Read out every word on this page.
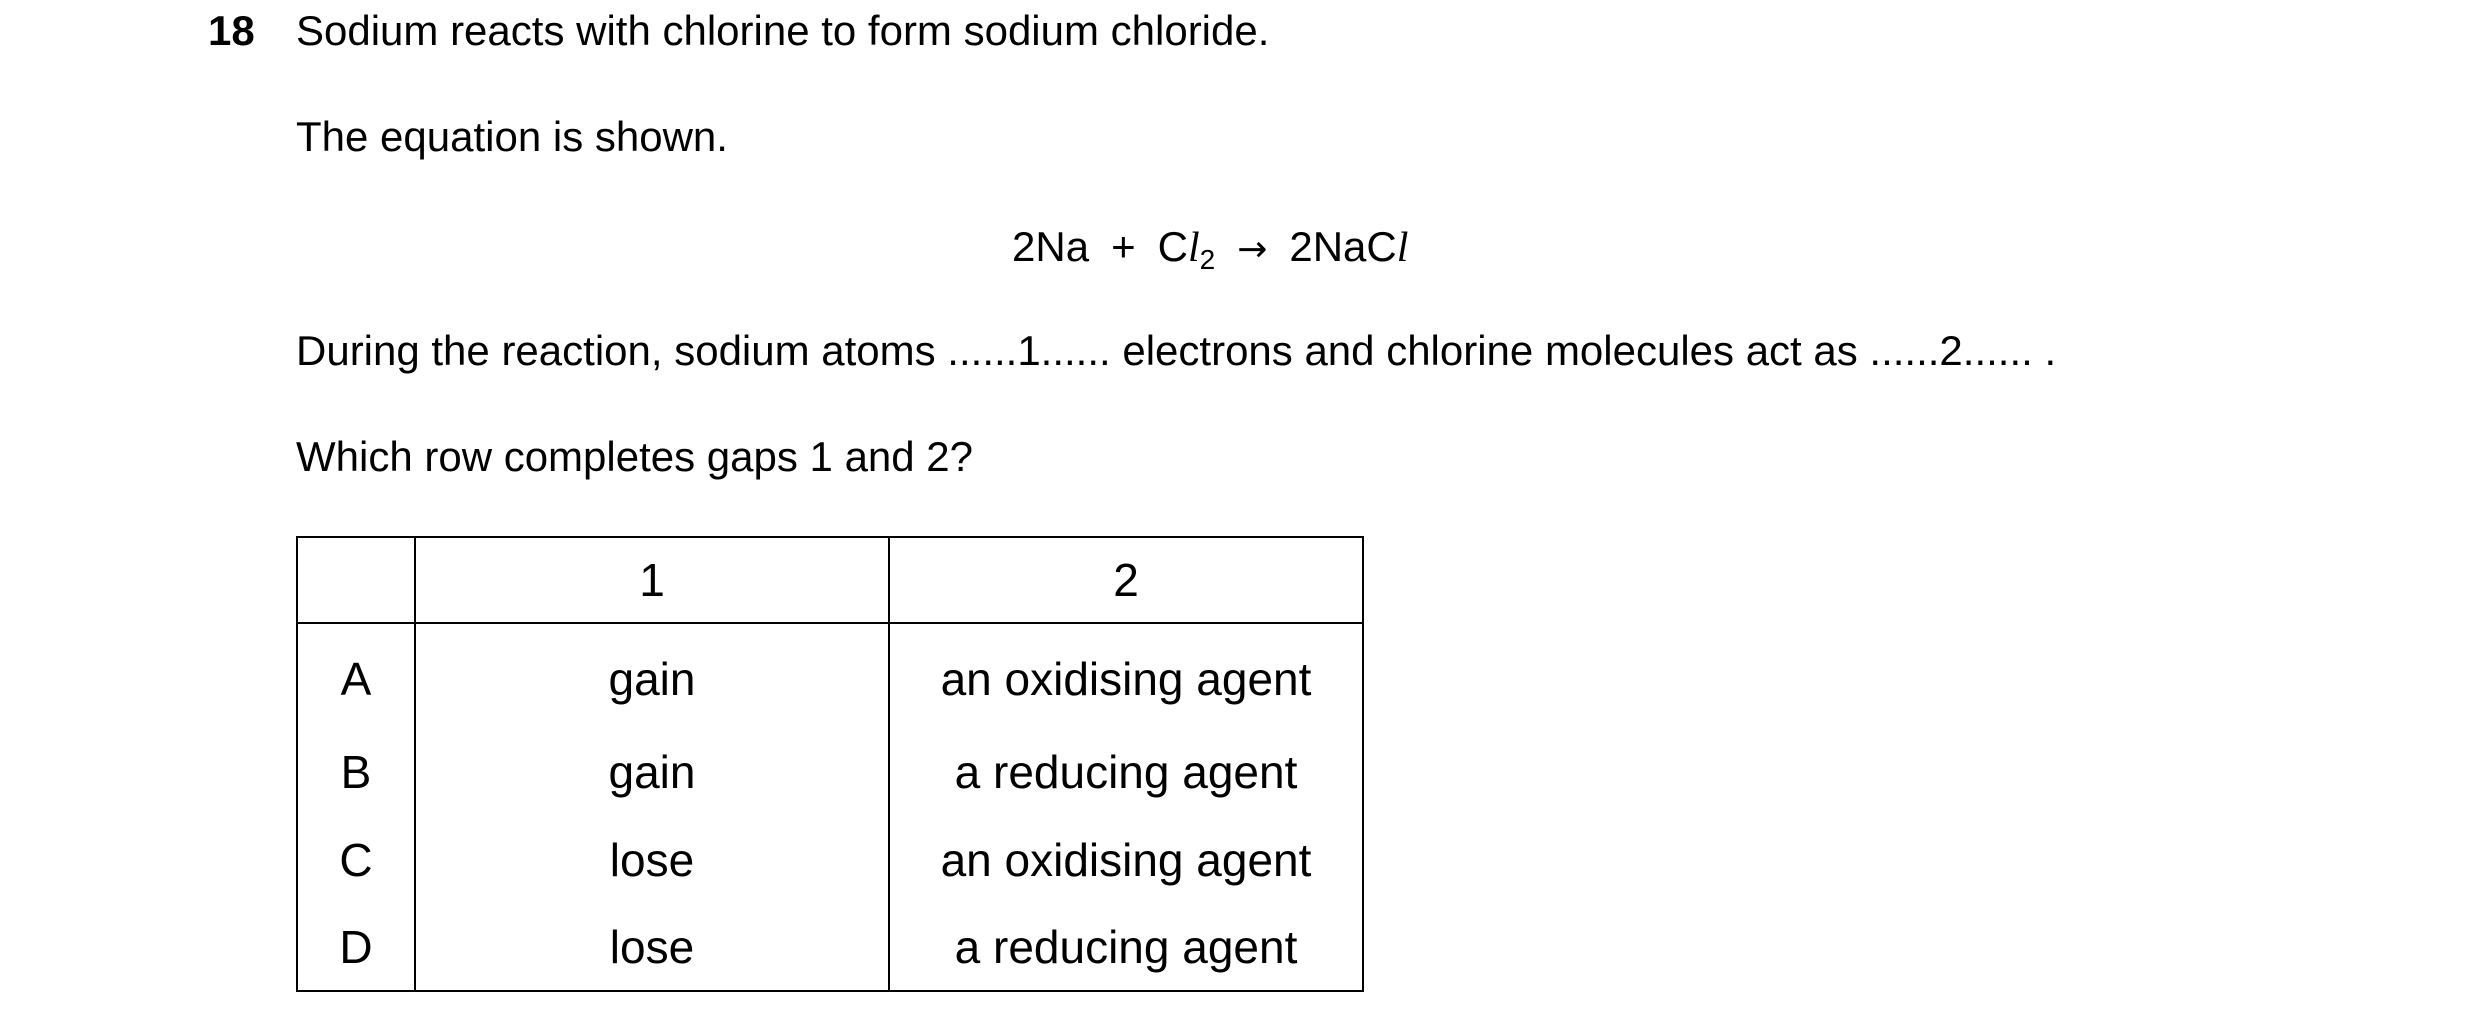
18 Sodium reacts with chlorine to form sodium chloride.
The equation is shown.
2Na + Cl2 → 2NaCl
During the reaction, sodium atoms ......1...... electrons and chlorine molecules act as ......2...... .
Which row completes gaps 1 and 2?
	1	2
A	gain	an oxidising agent
B	gain	a reducing agent
C	lose	an oxidising agent
D	lose	a reducing agent
